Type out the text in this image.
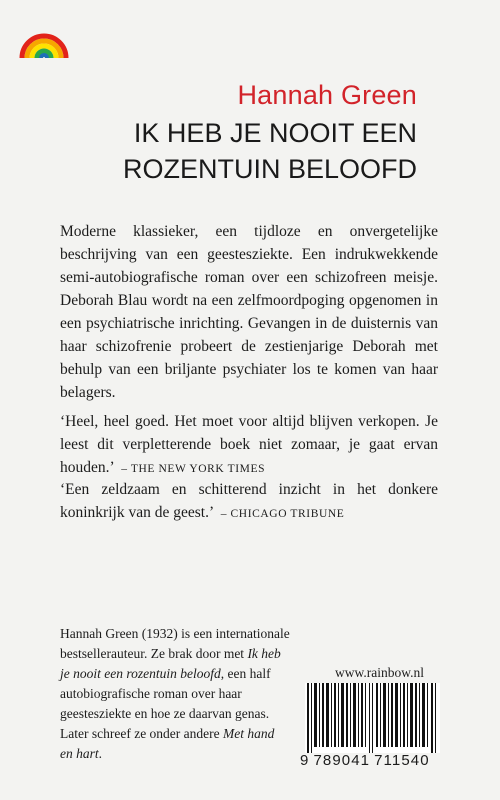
Hannah Green
IK HEB JE NOOIT EEN
ROZENTUIN BELOOFD
Moderne klassieker, een tijdloze en onvergetelijke beschrijving van een geestesziekte. Een indrukwekkende semi-autobiografische roman over een schizofreen meisje. Deborah Blau wordt na een zelfmoordpoging opgenomen in een psychiatrische inrichting. Gevangen in de duisternis van haar schizofrenie probeert de zestienjarige Deborah met behulp van een briljante psychiater los te komen van haar belagers.
‘Heel, heel goed. Het moet voor altijd blijven verkopen. Je leest dit verpletterende boek niet zomaar, je gaat ervan houden.’ – THE NEW YORK TIMES
‘Een zeldzaam en schitterend inzicht in het donkere koninkrijk van de geest.’ – CHICAGO TRIBUNE
Hannah Green (1932) is een internationale bestsellerauteur. Ze brak door met Ik heb je nooit een rozentuin beloofd, een half autobiografische roman over haar geestesziekte en hoe ze daarvan genas. Later schreef ze onder andere Met hand en hart.
www.rainbow.nl
9 789041 711540
